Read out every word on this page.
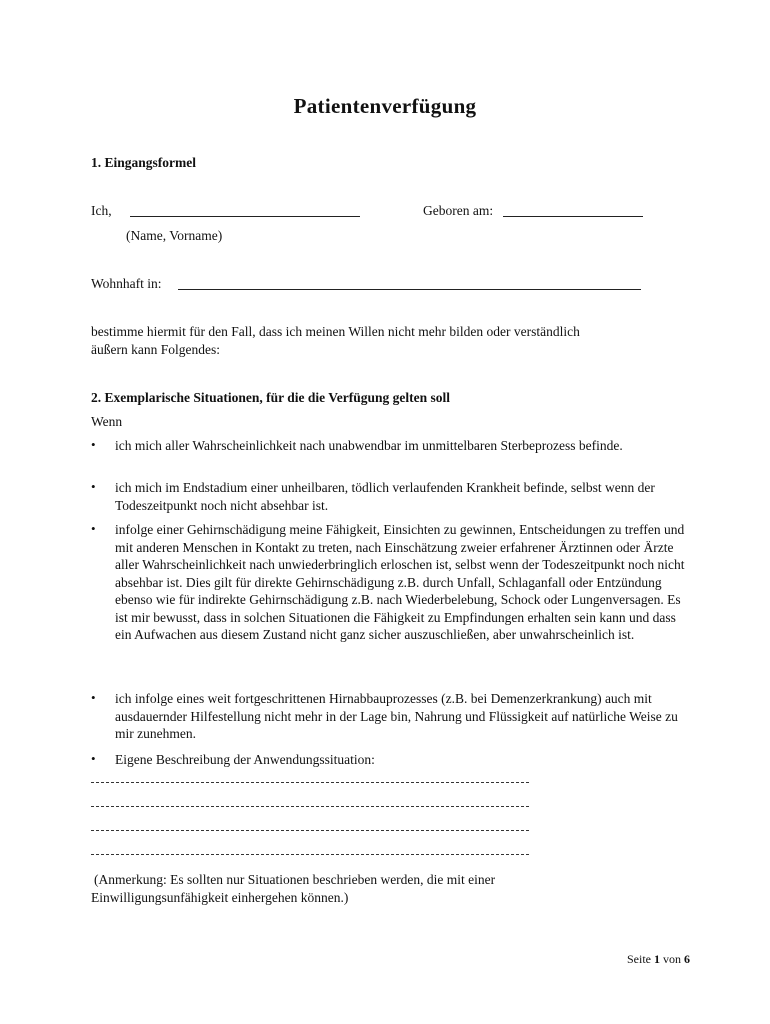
Patientenverfügung
1. Eingangsformel
Ich,	Geboren am:
(Name, Vorname)
Wohnhaft in:
bestimme hiermit für den Fall, dass ich meinen Willen nicht mehr bilden oder verständlich
äußern kann Folgendes:
2. Exemplarische Situationen, für die die Verfügung gelten soll
Wenn
• ich mich aller Wahrscheinlichkeit nach unabwendbar im unmittelbaren Sterbeprozess befinde.
• ich mich im Endstadium einer unheilbaren, tödlich verlaufenden Krankheit befinde, selbst wenn der Todeszeitpunkt noch nicht absehbar ist.
• infolge einer Gehirnschädigung meine Fähigkeit, Einsichten zu gewinnen, Entscheidungen zu treffen und mit anderen Menschen in Kontakt zu treten, nach Einschätzung zweier erfahrener Ärztinnen oder Ärzte aller Wahrscheinlichkeit nach unwiederbringlich erloschen ist, selbst wenn der Todeszeitpunkt noch nicht absehbar ist. Dies gilt für direkte Gehirnschädigung z.B. durch Unfall, Schlaganfall oder Entzündung ebenso wie für indirekte Gehirnschädigung z.B. nach Wiederbelebung, Schock oder Lungenversagen. Es ist mir bewusst, dass in solchen Situationen die Fähigkeit zu Empfindungen erhalten sein kann und dass ein Aufwachen aus diesem Zustand nicht ganz sicher auszuschließen, aber unwahrscheinlich ist.
• ich infolge eines weit fortgeschrittenen Hirnabbauprozesses (z.B. bei Demenzerkrankung) auch mit ausdauernder Hilfestellung nicht mehr in der Lage bin, Nahrung und Flüssigkeit auf natürliche Weise zu mir zunehmen.
• Eigene Beschreibung der Anwendungssituation:
(Anmerkung: Es sollten nur Situationen beschrieben werden, die mit einer
Einwilligungsunfähigkeit einhergehen können.)
Seite 1 von 6
